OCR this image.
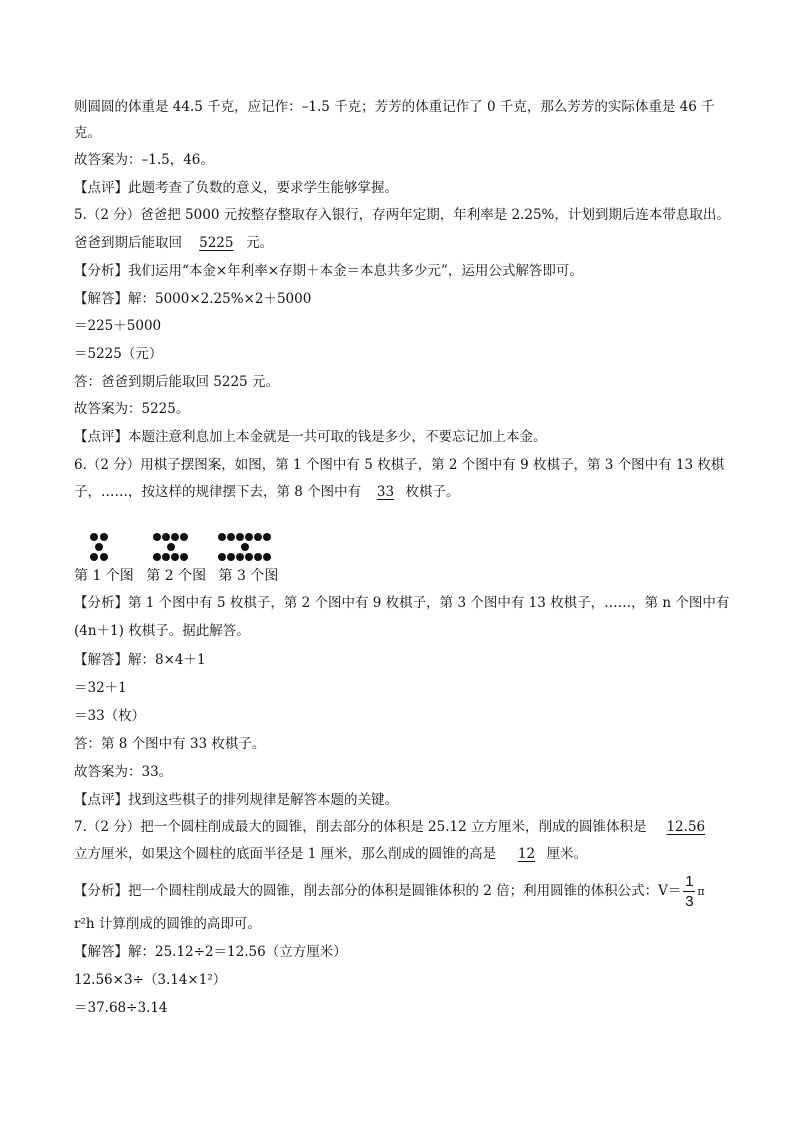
则圆圆的体重是 44.5 千克，应记作：–1.5 千克；芳芳的体重记作了 0 千克，那么芳芳的实际体重是 46 千
克。
故答案为：–1.5，46。
【点评】此题考查了负数的意义，要求学生能够掌握。
5.（2 分）爸爸把 5000 元按整存整取存入银行，存两年定期，年利率是 2.25%，计划到期后连本带息取出。
爸爸到期后能取回 5225 元。
【分析】我们运用“本金×年利率×存期＋本金＝本息共多少元”，运用公式解答即可。
【解答】解：5000×2.25%×2＋5000
＝225＋5000
＝5225（元）
答：爸爸到期后能取回 5225 元。
故答案为：5225。
【点评】本题注意利息加上本金就是一共可取的钱是多少，不要忘记加上本金。
6.（2 分）用棋子摆图案，如图，第 1 个图中有 5 枚棋子，第 2 个图中有 9 枚棋子，第 3 个图中有 13 枚棋
子，……，按这样的规律摆下去，第 8 个图中有 33 枚棋子。
第 1 个图 第 2 个图 第 3 个图
【分析】第 1 个图中有 5 枚棋子，第 2 个图中有 9 枚棋子，第 3 个图中有 13 枚棋子，……，第 n 个图中有
(4n＋1) 枚棋子。据此解答。
【解答】解：8×4＋1
＝32＋1
＝33（枚）
答：第 8 个图中有 33 枚棋子。
故答案为：33。
【点评】找到这些棋子的排列规律是解答本题的关键。
7.（2 分）把一个圆柱削成最大的圆锥，削去部分的体积是 25.12 立方厘米，削成的圆锥体积是 12.56
立方厘米，如果这个圆柱的底面半径是 1 厘米，那么削成的圆锥的高是 12 厘米。
【分析】把一个圆柱削成最大的圆锥，削去部分的体积是圆锥体积的 2 倍；利用圆锥的体积公式：$V= \frac{1}{3}$ π
r²h 计算削成的圆锥的高即可。
【解答】解：25.12÷2＝12.56（立方厘米）
12.56×3÷（3.14×1²）
＝37.68÷3.14
